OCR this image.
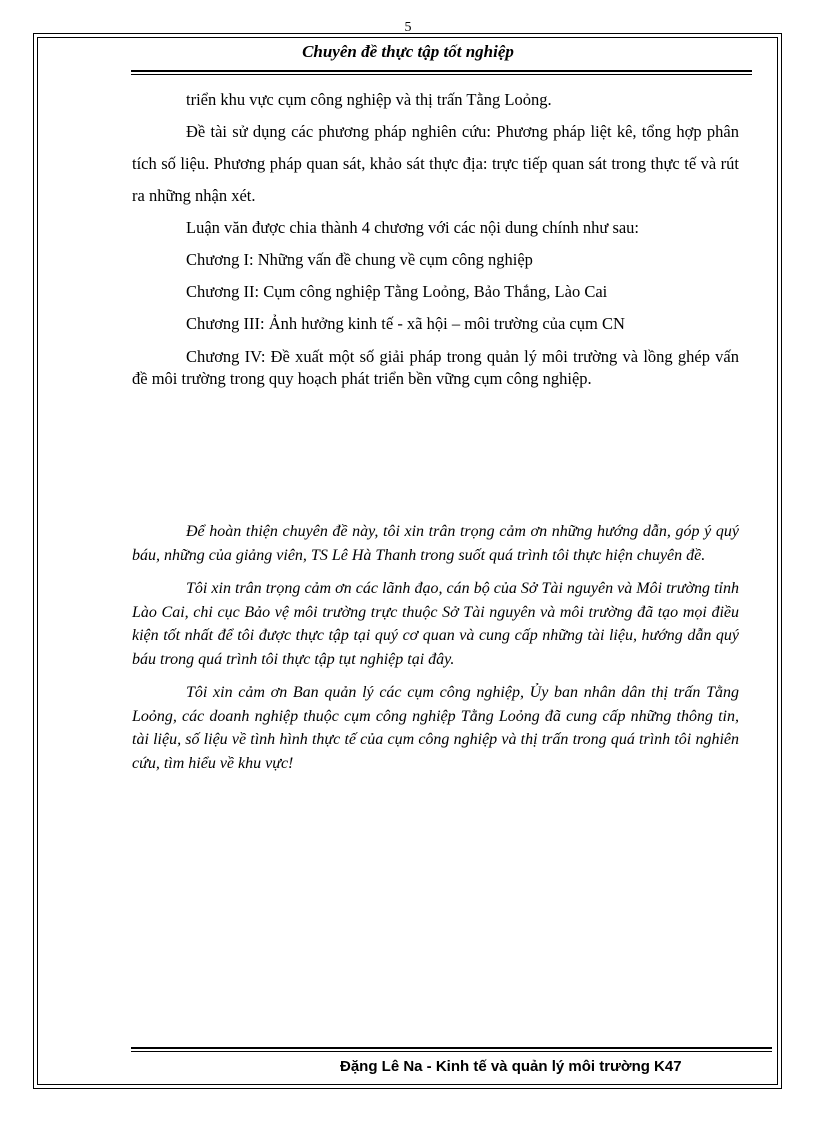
5
Chuyên đề thực tập tốt nghiệp

triển khu vực cụm công nghiệp và thị trấn Tằng Loỏng.

Đề tài sử dụng các phương pháp nghiên cứu: Phương pháp liệt kê, tổng hợp phân tích số liệu. Phương pháp quan sát, khảo sát thực địa: trực tiếp quan sát trong thực tế và rút ra những nhận xét.

Luận văn được chia thành 4 chương với các nội dung chính như sau:

Chương I: Những vấn đề chung về cụm công nghiệp

Chương II: Cụm công nghiệp Tằng Loỏng, Bảo Thắng, Lào Cai

Chương III: Ảnh hưởng kinh tế - xã hội – môi trường của cụm CN

Chương IV: Đề xuất một số giải pháp trong quản lý môi trường và lồng ghép vấn đề môi trường trong quy hoạch phát triển bền vững cụm công nghiệp.

Để hoàn thiện chuyên đề này, tôi xin trân trọng cảm ơn những hướng dẫn, góp ý quý báu, những của giảng viên, TS Lê Hà Thanh trong suốt quá trình tôi thực hiện chuyên đề.

Tôi xin trân trọng cảm ơn các lãnh đạo, cán bộ của Sở Tài nguyên và Môi trường tỉnh Lào Cai, chi cục Bảo vệ môi trường trực thuộc Sở Tài nguyên và môi trường đã tạo mọi điều kiện tốt nhất để tôi được thực tập tại quý cơ quan và cung cấp những tài liệu, hướng dẫn quý báu trong quá trình tôi thực tập tụt nghiệp tại đây.

Tôi xin cảm ơn Ban quản lý các cụm công nghiệp, Ủy ban nhân dân thị trấn Tằng Loỏng, các doanh nghiệp thuộc cụm công nghiệp Tằng Loỏng đã cung cấp những thông tin, tài liệu, số liệu về tình hình thực tế của cụm công nghiệp và thị trấn trong quá trình tôi nghiên cứu, tìm hiểu về khu vực!

Đặng Lê Na - Kinh tế và quản lý môi trường K47
